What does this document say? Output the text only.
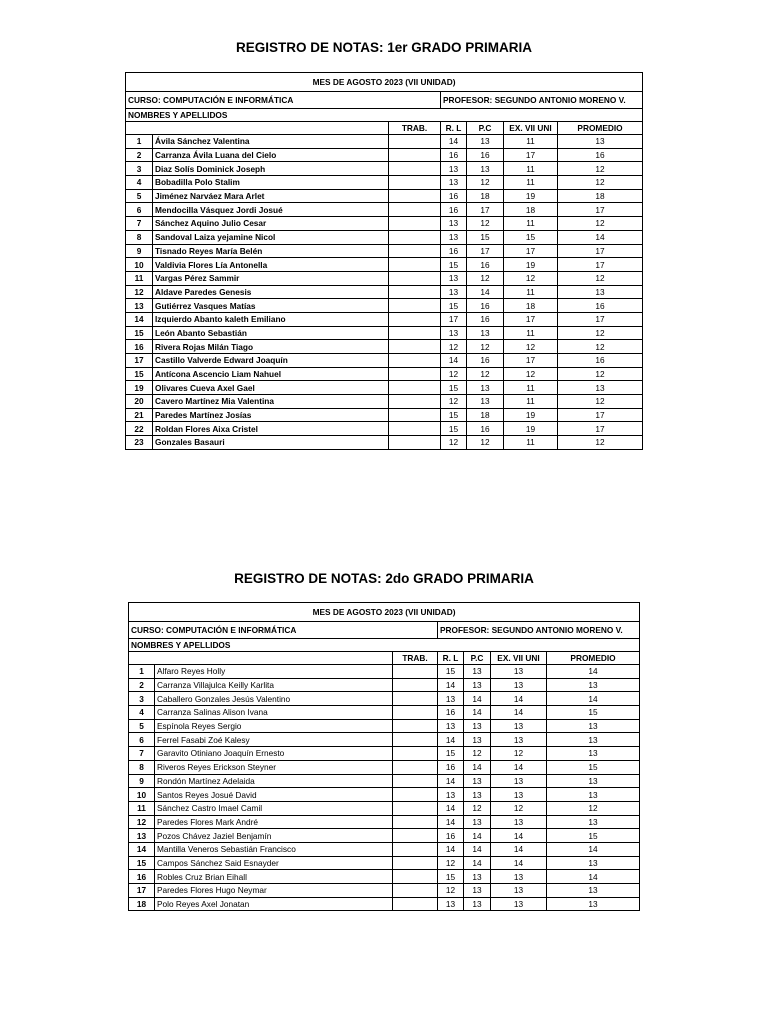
REGISTRO DE NOTAS: 1er GRADO PRIMARIA
MES DE AGOSTO 2023 (VII UNIDAD)						
CURSO: COMPUTACIÓN E INFORMÁTICA			PROFESOR: SEGUNDO ANTONIO MORENO V.			
NOMBRES Y APELLIDOS						
		TRAB.	R. L	P.C	EX. VII UNI	PROMEDIO
1	Ávila Sánchez Valentina		14	13	11	13
2	Carranza Ávila Luana del Cielo		16	16	17	16
3	Diaz Solís Dominick Joseph		13	13	11	12
4	Bobadilla Polo Stalim		13	12	11	12
5	Jiménez Narváez Mara Arlet		16	18	19	18
6	Mendocilla Vásquez Jordi Josué		16	17	18	17
7	Sánchez Aquino Julio Cesar		13	12	11	12
8	Sandoval Laiza yejamine Nicol		13	15	15	14
9	Tisnado Reyes María Belén		16	17	17	17
10	Valdivia Flores Lía Antonella		15	16	19	17
11	Vargas Pérez Sammir		13	12	12	12
12	Aldave Paredes Genesis		13	14	11	13
13	Gutiérrez Vasques Matías		15	16	18	16
14	Izquierdo Abanto kaleth Emiliano		17	16	17	17
15	León Abanto Sebastián		13	13	11	12
16	Rivera Rojas Milán Tiago		12	12	12	12
17	Castillo Valverde Edward Joaquín		14	16	17	16
15	Antícona Ascencio Liam Nahuel		12	12	12	12
19	Olivares Cueva Axel Gael		15	13	11	13
20	Cavero Martínez Mia Valentina		12	13	11	12
21	Paredes Martínez Josías		15	18	19	17
22	Roldan Flores Aixa Cristel		15	16	19	17
23	Gonzales Basauri		12	12	11	12
REGISTRO DE NOTAS: 2do GRADO PRIMARIA
MES DE AGOSTO 2023 (VII UNIDAD)						
CURSO: COMPUTACIÓN E INFORMÁTICA			PROFESOR: SEGUNDO ANTONIO MORENO V.			
NOMBRES Y APELLIDOS						
		TRAB.	R. L	P.C	EX. VII UNI	PROMEDIO
1	Alfaro Reyes Holly		15	13	13	14
2	Carranza Villajulca Keilly Karlita		14	13	13	13
3	Caballero Gonzales Jesús Valentino		13	14	14	14
4	Carranza Salinas Alison Ivana		16	14	14	15
5	Espínola Reyes Sergio		13	13	13	13
6	Ferrel Fasabi Zoé Kalesy		14	13	13	13
7	Garavito Otiniano Joaquín Ernesto		15	12	12	13
8	Riveros Reyes Erickson Steyner		16	14	14	15
9	Rondón Martínez Adelaida		14	13	13	13
10	Santos Reyes Josué David		13	13	13	13
11	Sánchez Castro Imael Camil		14	12	12	12
12	Paredes Flores Mark André		14	13	13	13
13	Pozos Chávez Jaziel Benjamín		16	14	14	15
14	Mantilla Veneros Sebastián Francisco		14	14	14	14
15	Campos Sánchez Said Esnayder		12	14	14	13
16	Robles Cruz Brian Eihall		15	13	13	14
17	Paredes Flores Hugo Neymar		12	13	13	13
18	Polo Reyes Axel Jonatan		13	13	13	13
